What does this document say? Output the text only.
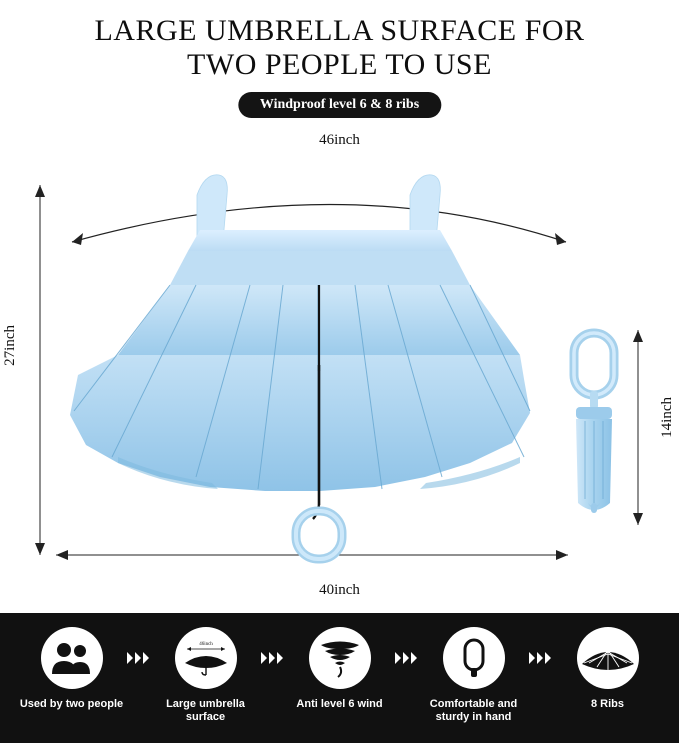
LARGE UMBRELLA SURFACE FOR
TWO PEOPLE TO USE
Windproof level 6 & 8 ribs
46inch
40inch
27inch
14inch
Used by two people
46inch
Large umbrella surface
Anti level 6 wind	Comfortable and sturdy in hand
8 Ribs
